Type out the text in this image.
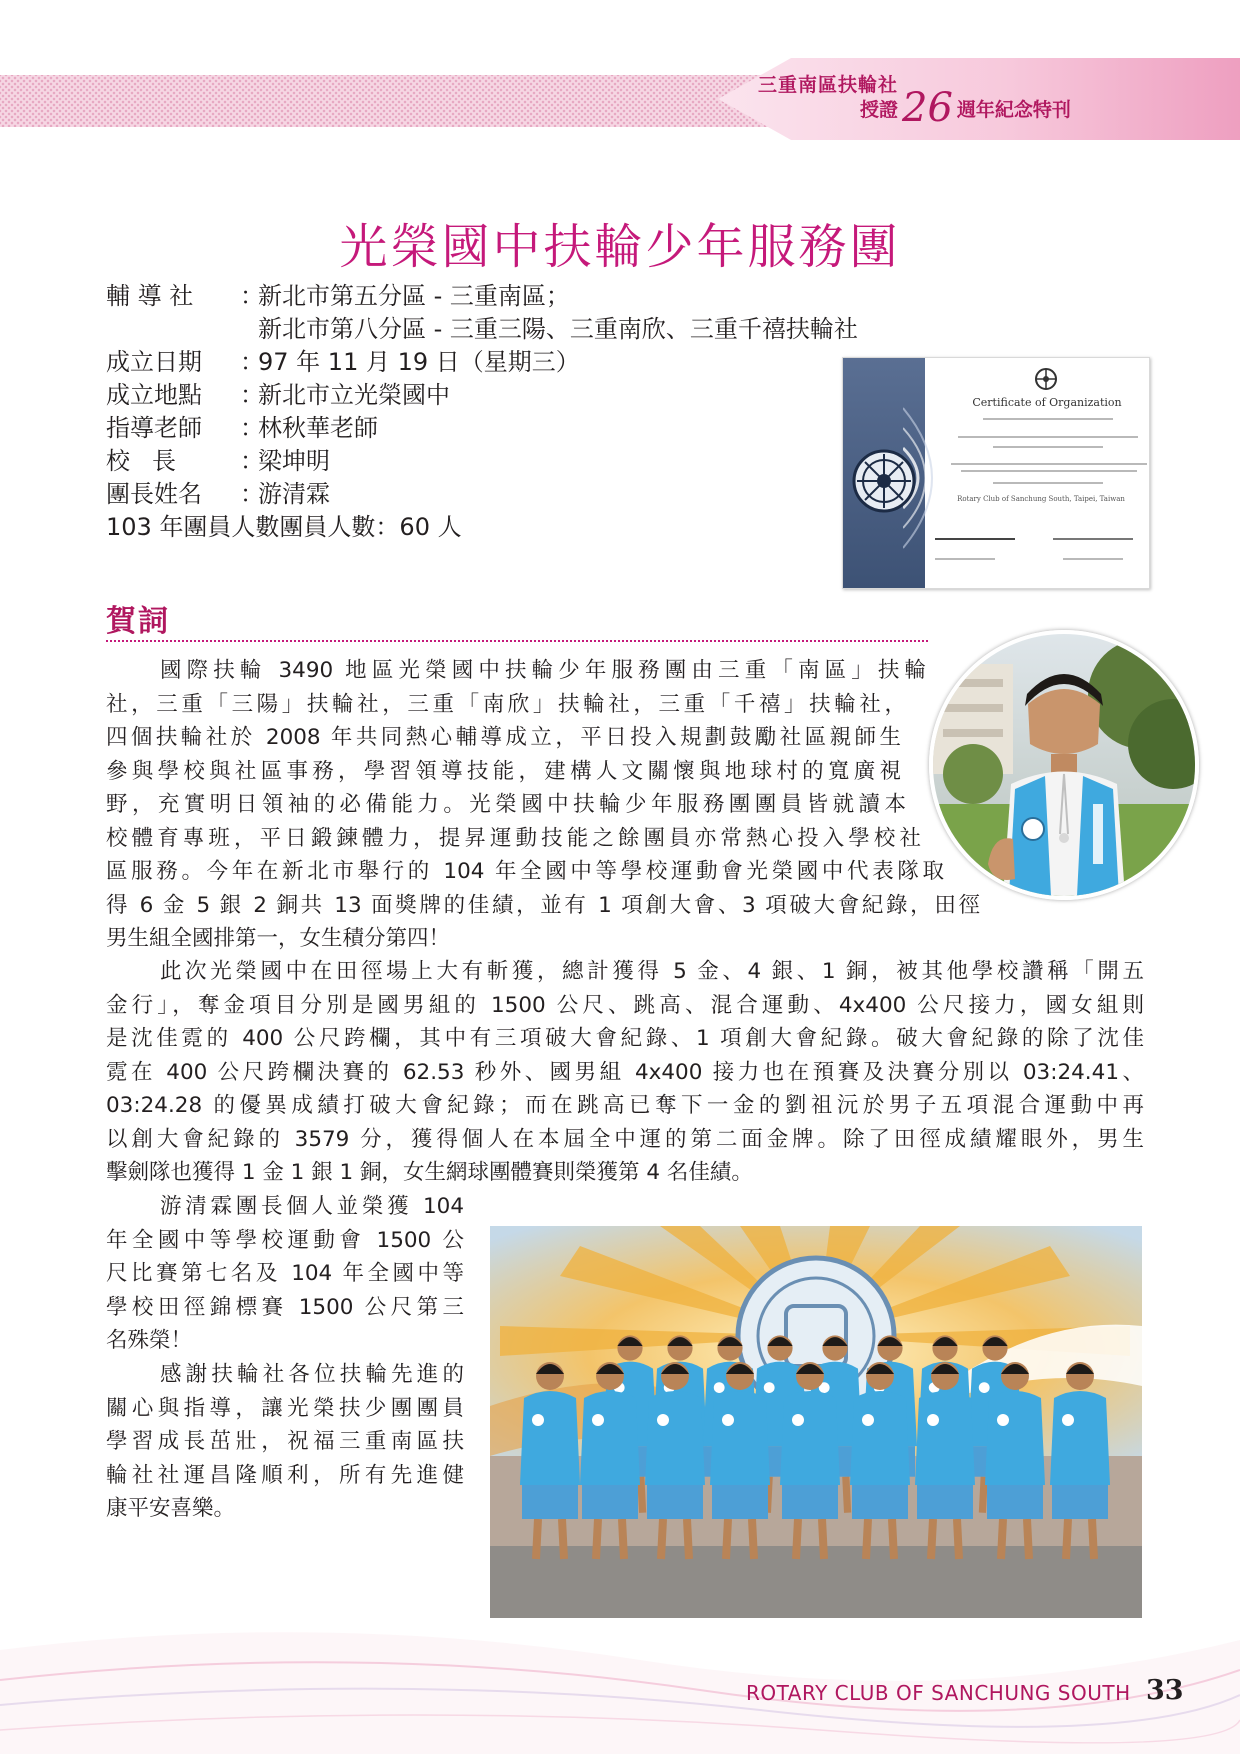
三重南區扶輪社
授證 26 週年紀念特刊
光榮國中扶輪少年服務團
輔 導 社	：
新北市第五分區 - 三重南區；
新北市第八分區 - 三重三陽、三重南欣、三重千禧扶輪社
成立日期	：
97 年 11 月 19 日（星期三）
成立地點	：
新北市立光榮國中
指導老師	：
林秋華老師
校長	：
梁坤明
團長姓名	：
游清霖
103 年團員人數團員人數：60 人
Certificate of Organization
Rotary Club of Sanchung South, Taipei, Taiwan
賀詞
國際扶輪 3490 地區光榮國中扶輪少年服務團由三重「南區」扶輪
社，三重「三陽」扶輪社，三重「南欣」扶輪社，三重「千禧」扶輪社，
四個扶輪社於 2008 年共同熱心輔導成立，平日投入規劃鼓勵社區親師生
參與學校與社區事務，學習領導技能，建構人文關懷與地球村的寬廣視
野，充實明日領袖的必備能力。光榮國中扶輪少年服務團團員皆就讀本
校體育專班，平日鍛鍊體力，提昇運動技能之餘團員亦常熱心投入學校社
區服務。今年在新北市舉行的 104 年全國中等學校運動會光榮國中代表隊取
得 6 金 5 銀 2 銅共 13 面獎牌的佳績，並有 1 項創大會、3 項破大會紀錄，田徑
男生組全國排第一，女生積分第四！
此次光榮國中在田徑場上大有斬獲，總計獲得 5 金、4 銀、1 銅，被其他學校讚稱「開五
金行」，奪金項目分別是國男組的 1500 公尺、跳高、混合運動、4x400 公尺接力，國女組則
是沈佳霓的 400 公尺跨欄，其中有三項破大會紀錄、1 項創大會紀錄。破大會紀錄的除了沈佳
霓在 400 公尺跨欄決賽的 62.53 秒外、國男組 4x400 接力也在預賽及決賽分別以 03:24.41、
03:24.28 的優異成績打破大會紀錄；而在跳高已奪下一金的劉祖沅於男子五項混合運動中再
以創大會紀錄的 3579 分，獲得個人在本屆全中運的第二面金牌。除了田徑成績耀眼外，男生
擊劍隊也獲得 1 金 1 銀 1 銅，女生網球團體賽則榮獲第 4 名佳績。
游清霖團長個人並榮獲 104
年全國中等學校運動會 1500 公
尺比賽第七名及 104 年全國中等
學校田徑錦標賽 1500 公尺第三
名殊榮！
感謝扶輪社各位扶輪先進的
關心與指導，讓光榮扶少團團員
學習成長茁壯，祝福三重南區扶
輪社社運昌隆順利，所有先進健
康平安喜樂。
ROTARY CLUB OF SANCHUNG SOUTH 33
